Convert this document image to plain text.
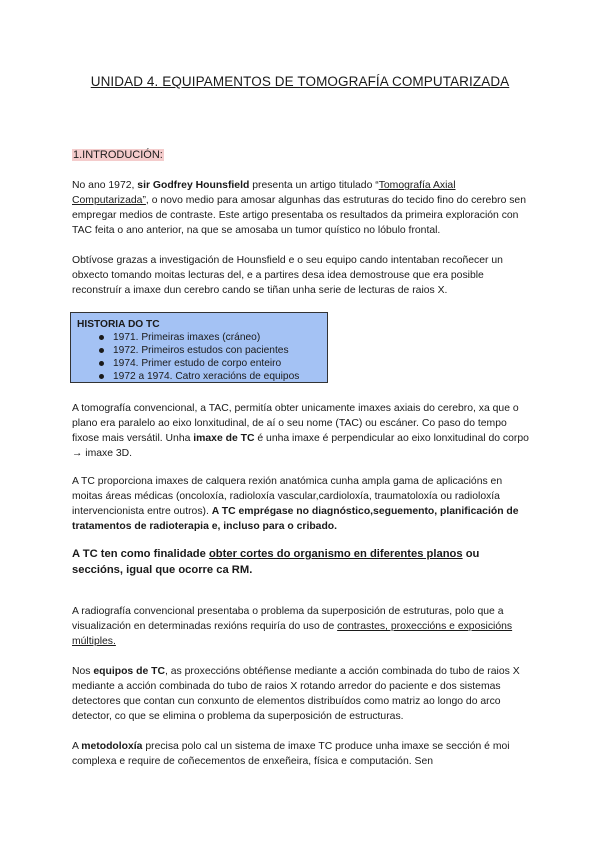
UNIDAD 4. EQUIPAMENTOS DE TOMOGRAFÍA COMPUTARIZADA
1.INTRODUCIÓN:
No ano 1972, sir Godfrey Hounsfield presenta un artigo titulado “Tomografía Axial Computarizada”, o novo medio para amosar algunhas das estruturas do tecido fino do cerebro sen empregar medios de contraste. Este artigo presentaba os resultados da primeira exploración con TAC feita o ano anterior, na que se amosaba un tumor quístico no lóbulo frontal.
Obtívose grazas a investigación de Hounsfield e o seu equipo cando intentaban recoñecer un obxecto tomando moitas lecturas del, e a partires desa idea demostrouse que era posible reconstruír a imaxe dun cerebro cando se tiñan unha serie de lecturas de raios X.
HISTORIA DO TC
1971. Primeiras imaxes (cráneo)
1972. Primeiros estudos con pacientes
1974. Primer estudo de corpo enteiro
1972 a 1974. Catro xeracións de equipos
A tomografía convencional, a TAC, permitía obter unicamente imaxes axiais do cerebro, xa que o plano era paralelo ao eixo lonxitudinal, de aí o seu nome (TAC) ou escáner. Co paso do tempo fixose mais versátil. Unha imaxe de TC é unha imaxe é perpendicular ao eixo lonxitudinal do corpo → imaxe 3D.
A TC proporciona imaxes de calquera rexión anatómica cunha ampla gama de aplicacións en moitas áreas médicas (oncoloxía, radioloxía vascular,cardioloxía, traumatoloxía ou radioloxía intervencionista entre outros). A TC emprégase no diagnóstico,seguemento, planificación de tratamentos de radioterapia e, incluso para o cribado.
A TC ten como finalidade obter cortes do organismo en diferentes planos ou seccións, igual que ocorre ca RM.
A radiografía convencional presentaba o problema da superposición de estruturas, polo que a visualización en determinadas rexións requiría do uso de contrastes, proxeccións e exposicións múltiples.
Nos equipos de TC, as proxeccións obtéñense mediante a acción combinada do tubo de raios X mediante a acción combinada do tubo de raios X rotando arredor do paciente e dos sistemas detectores que contan cun conxunto de elementos distribuídos como matriz ao longo do arco detector, co que se elimina o problema da superposición de estructuras.
A metodoloxía precisa polo cal un sistema de imaxe TC produce unha imaxe se sección é moi complexa e require de coñecementos de enxeñeira, física e computación. Sen
